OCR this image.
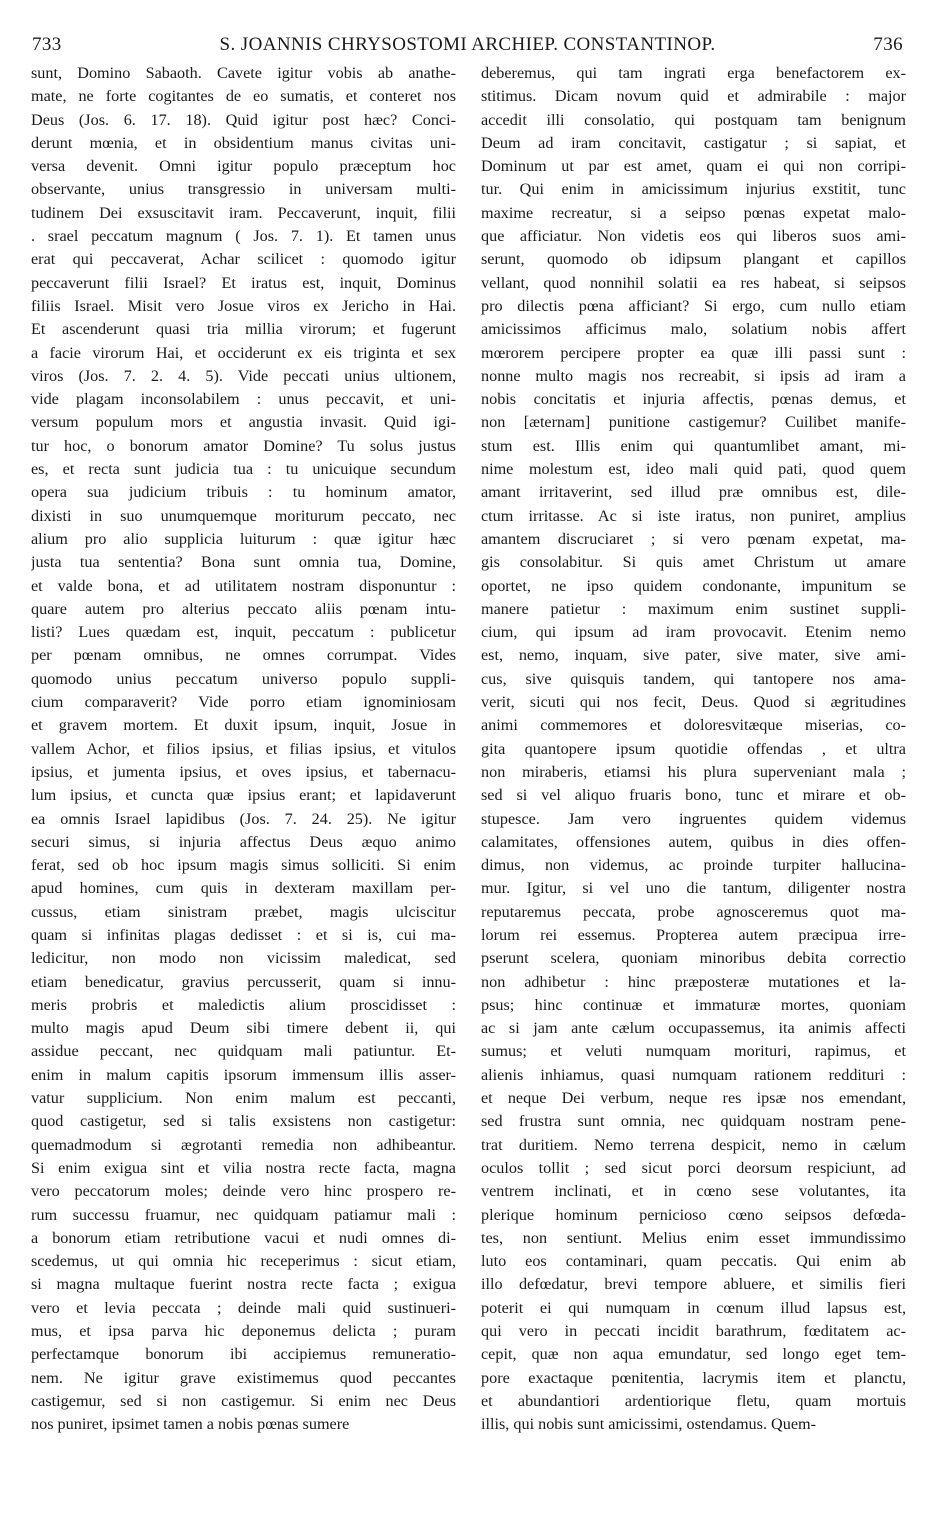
733	S. JOANNIS CHRYSOSTOMI ARCHIEP. CONSTANTINOP.	736
sunt, Domino Sabaoth. Cavete igitur vobis ab anathe-
mate, ne forte cogitantes de eo sumatis, et conteret nos
Deus (Jos. 6. 17. 18). Quid igitur post hæc? Conci-
derunt mœnia, et in obsidentium manus civitas uni-
versa devenit. Omni igitur populo præceptum hoc
observante, unius transgressio in universam multi-
tudinem Dei exsuscitavit iram. Peccaverunt, inquit, filii
. srael peccatum magnum ( Jos. 7. 1). Et tamen unus
erat qui peccaverat, Achar scilicet : quomodo igitur
peccaverunt filii Israel? Et iratus est, inquit, Dominus
filiis Israel. Misit vero Josue viros ex Jericho in Hai.
Et ascenderunt quasi tria millia virorum; et fugerunt
a facie virorum Hai, et occiderunt ex eis triginta et sex
viros (Jos. 7. 2. 4. 5). Vide peccati unius ultionem,
vide plagam inconsolabilem : unus peccavit, et uni-
versum populum mors et angustia invasit. Quid igi-
tur hoc, o bonorum amator Domine? Tu solus justus
es, et recta sunt judicia tua : tu unicuique secundum
opera sua judicium tribuis : tu hominum amator,
dixisti in suo unumquemque moriturum peccato, nec
alium pro alio supplicia luiturum : quæ igitur hæc
justa tua sententia? Bona sunt omnia tua, Domine,
et valde bona, et ad utilitatem nostram disponuntur :
quare autem pro alterius peccato aliis pœnam intu-
listi? Lues quædam est, inquit, peccatum : publicetur
per pœnam omnibus, ne omnes corrumpat. Vides
quomodo unius peccatum universo populo suppli-
cium comparaverit? Vide porro etiam ignominiosam
et gravem mortem. Et duxit ipsum, inquit, Josue in
vallem Achor, et filios ipsius, et filias ipsius, et vitulos
ipsius, et jumenta ipsius, et oves ipsius, et tabernacu-
lum ipsius, et cuncta quæ ipsius erant; et lapidaverunt
ea omnis Israel lapidibus (Jos. 7. 24. 25). Ne igitur
securi simus, si injuria affectus Deus æquo animo
ferat, sed ob hoc ipsum magis simus solliciti. Si enim
apud homines, cum quis in dexteram maxillam per-
cussus, etiam sinistram præbet, magis ulciscitur
quam si infinitas plagas dedisset : et si is, cui ma-
ledicitur, non modo non vicissim maledicat, sed
etiam benedicatur, gravius percusserit, quam si innu-
meris probris et maledictis alium proscidisset :
multo magis apud Deum sibi timere debent ii, qui
assidue peccant, nec quidquam mali patiuntur. Et-
enim in malum capitis ipsorum immensum illis asser-
vatur supplicium. Non enim malum est peccanti,
quod castigetur, sed si talis exsistens non castigetur:
quemadmodum si ægrotanti remedia non adhibeantur.
Si enim exigua sint et vilia nostra recte facta, magna
vero peccatorum moles; deinde vero hinc prospero re-
rum successu fruamur, nec quidquam patiamur mali :
a bonorum etiam retributione vacui et nudi omnes di-
scedemus, ut qui omnia hic receperimus : sicut etiam,
si magna multaque fuerint nostra recte facta ; exigua
vero et levia peccata ; deinde mali quid sustinueri-
mus, et ipsa parva hic deponemus delicta ; puram
perfectamque bonorum ibi accipiemus remuneratio-
nem. Ne igitur grave existimemus quod peccantes
castigemur, sed si non castigemur. Si enim nec Deus
nos puniret, ipsimet tamen a nobis pœnas sumere
deberemus, qui tam ingrati erga benefactorem ex-
stitimus. Dicam novum quid et admirabile : major
accedit illi consolatio, qui postquam tam benignum
Deum ad iram concitavit, castigatur ; si sapiat, et
Dominum ut par est amet, quam ei qui non corripi-
tur. Qui enim in amicissimum injurius exstitit, tunc
maxime recreatur, si a seipso pœnas expetat malo-
que afficiatur. Non videtis eos qui liberos suos ami-
serunt, quomodo ob idipsum plangant et capillos
vellant, quod nonnihil solatii ea res habeat, si seipsos
pro dilectis pœna afficiant? Si ergo, cum nullo etiam
amicissimos afficimus malo, solatium nobis affert
mœrorem percipere propter ea quæ illi passi sunt :
nonne multo magis nos recreabit, si ipsis ad iram a
nobis concitatis et injuria affectis, pœnas demus, et
non [æternam] punitione castigemur? Cuilibet manife-
stum est. Illis enim qui quantumlibet amant, mi-
nime molestum est, ideo mali quid pati, quod quem
amant irritaverint, sed illud præ omnibus est, dile-
ctum irritasse. Ac si iste iratus, non puniret, amplius
amantem discruciaret ; si vero pœnam expetat, ma-
gis consolabitur. Si quis amet Christum ut amare
oportet, ne ipso quidem condonante, impunitum se
manere patietur : maximum enim sustinet suppli-
cium, qui ipsum ad iram provocavit. Etenim nemo
est, nemo, inquam, sive pater, sive mater, sive ami-
cus, sive quisquis tandem, qui tantopere nos ama-
verit, sicuti qui nos fecit, Deus. Quod si ægritudines
animi commemores et doloresvitæque miserias, co-
gita quantopere ipsum quotidie offendas , et ultra
non miraberis, etiamsi his plura superveniant mala ;
sed si vel aliquo fruaris bono, tunc et mirare et ob-
stupesce. Jam vero ingruentes quidem videmus
calamitates, offensiones autem, quibus in dies offen-
dimus, non videmus, ac proinde turpiter hallucina-
mur. Igitur, si vel uno die tantum, diligenter nostra
reputaremus peccata, probe agnosceremus quot ma-
lorum rei essemus. Propterea autem præcipua irre-
pserunt scelera, quoniam minoribus debita correctio
non adhibetur : hinc præposteræ mutationes et la-
psus; hinc continuæ et immaturæ mortes, quoniam
ac si jam ante cælum occupassemus, ita animis affecti
sumus; et veluti numquam morituri, rapimus, et
alienis inhiamus, quasi numquam rationem reddituri :
et neque Dei verbum, neque res ipsæ nos emendant,
sed frustra sunt omnia, nec quidquam nostram pene-
trat duritiem. Nemo terrena despicit, nemo in cælum
oculos tollit ; sed sicut porci deorsum respiciunt, ad
ventrem inclinati, et in cœno sese volutantes, ita
plerique hominum pernicioso cœno seipsos defœda-
tes, non sentiunt. Melius enim esset immundissimo
luto eos contaminari, quam peccatis. Qui enim ab
illo defœdatur, brevi tempore abluere, et similis fieri
poterit ei qui numquam in cœnum illud lapsus est,
qui vero in peccati incidit barathrum, fœditatem ac-
cepit, quæ non aqua emundatur, sed longo eget tem-
pore exactaque pœnitentia, lacrymis item et planctu,
et abundantiori ardentiorique fletu, quam mortuis
illis, qui nobis sunt amicissimi, ostendamus. Quem-
